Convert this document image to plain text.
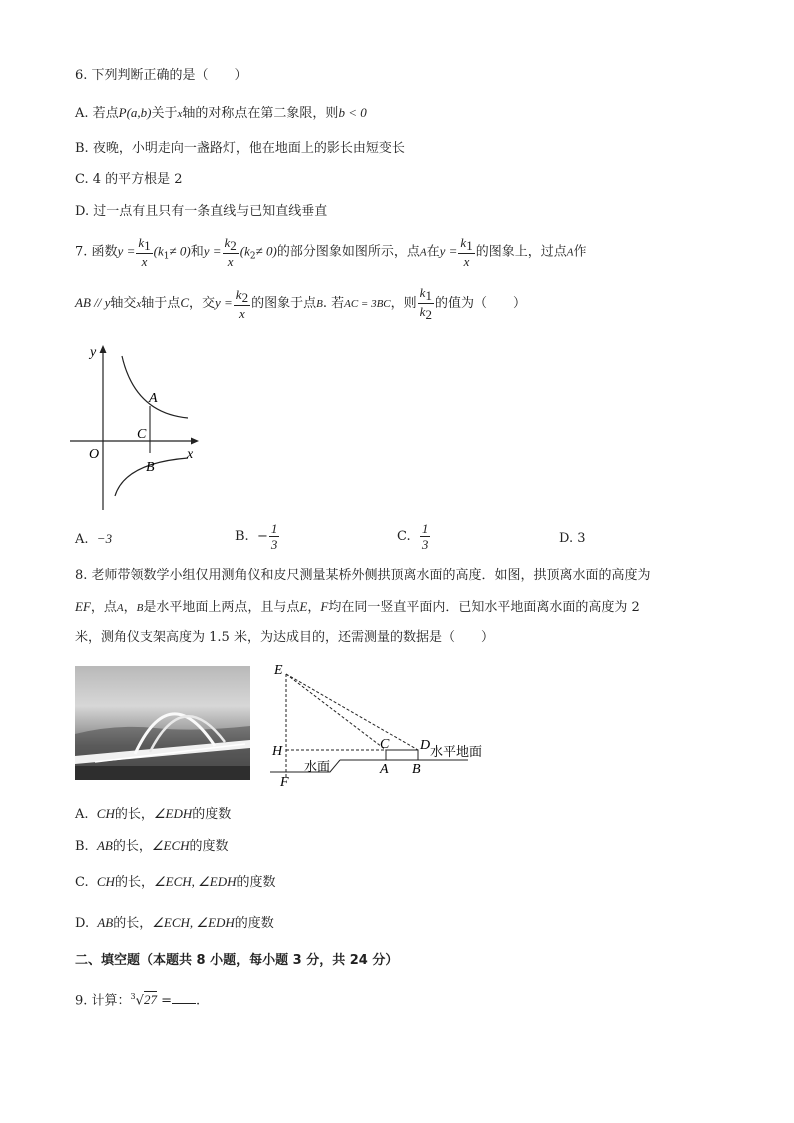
6. 下列判断正确的是（　　）
A. 若点P(a,b)关于x轴的对称点在第二象限，则b < 0
B. 夜晚，小明走向一盏路灯，他在地面上的影长由短变长
C. 4 的平方根是 2
D. 过一点有且只有一条直线与已知直线垂直
7. 函数$y = \frac{k1}{x} (k_1\ne 0)$和$y = \frac{k2}{x} (k_2\ne 0)$的部分图象如图所示，点A在$y = \frac{k1}{x}$ 的图象上，过点A作
AB // y轴交x轴于点C，交$y = \frac{k2}{x}$ 的图象于点B. 若AC = 3BC，则 $\frac{k1}{k2}$ 的值为（　　）
y
x
O
A
C
B
A. −3	B. − $\frac{1}{3}$	C. $\frac{1}{3}$	D. 3
8. 老师带领数学小组仅用测角仪和皮尺测量某桥外侧拱顶离水面的高度．如图，拱顶离水面的高度为
EF，点A，B是水平地面上两点，且与点E，F均在同一竖直平面内．已知水平地面离水面的高度为 2
米，测角仪支架高度为 1.5 米，为达成目的，还需测量的数据是（　　）
E
H
F
C D
A B
水面
水平地面
A. CH的长，∠EDH的度数
B. AB的长，∠ECH的度数
C. CH的长，∠ECH, ∠EDH的度数
D. AB的长，∠ECH, ∠EDH的度数
二、填空题（本题共 8 小题，每小题 3 分，共 24 分）
9. 计算：$^3$√27 = .
